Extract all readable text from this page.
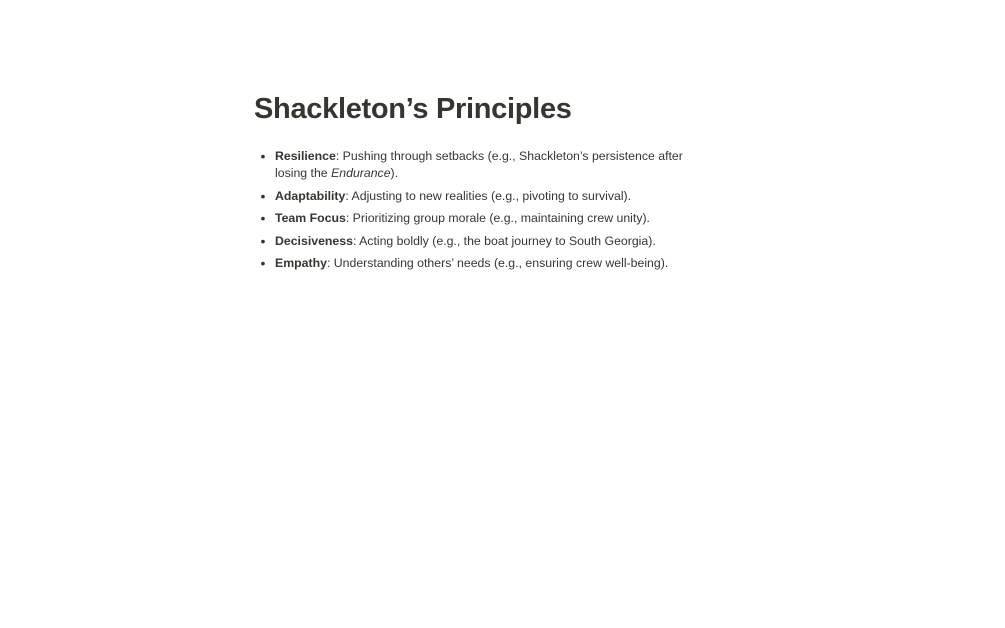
Shackleton’s Principles
• Resilience: Pushing through setbacks (e.g., Shackleton’s persistence after losing the Endurance).
• Adaptability: Adjusting to new realities (e.g., pivoting to survival).
• Team Focus: Prioritizing group morale (e.g., maintaining crew unity).
• Decisiveness: Acting boldly (e.g., the boat journey to South Georgia).
• Empathy: Understanding others’ needs (e.g., ensuring crew well-being).
